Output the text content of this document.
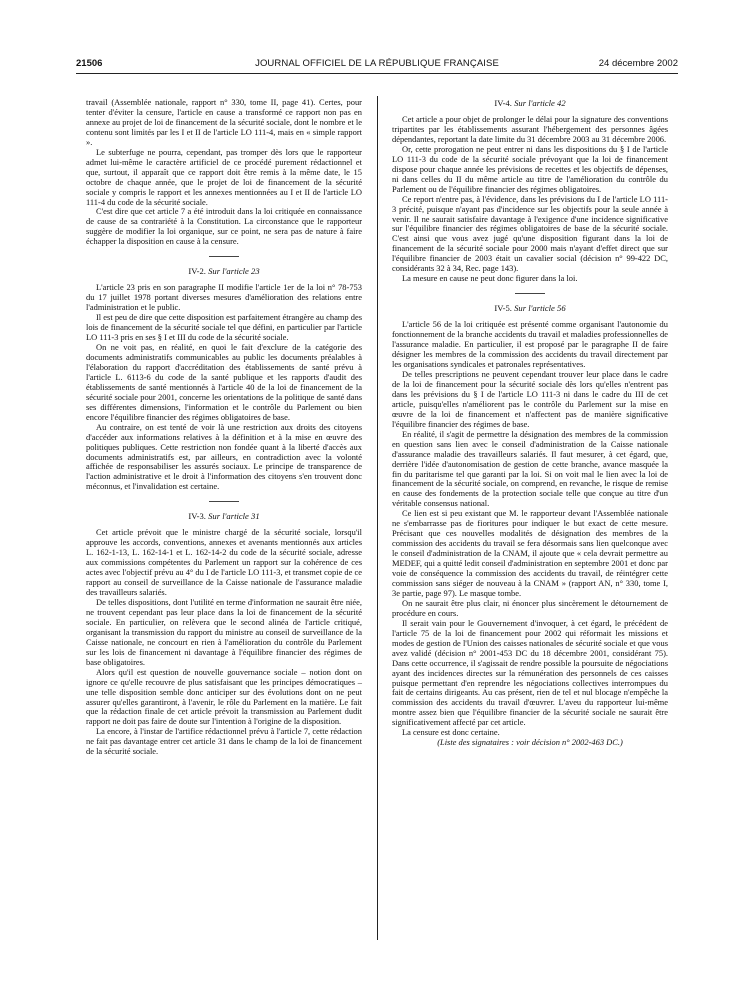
21506	JOURNAL OFFICIEL DE LA RÉPUBLIQUE FRANÇAISE	24 décembre 2002

travail (Assemblée nationale, rapport n° 330, tome II, page 41). Certes, pour tenter d'éviter la censure, l'article en cause a transformé ce rapport non pas en annexe au projet de loi de financement de la sécurité sociale, dont le nombre et le contenu sont limités par les I et II de l'article LO 111-4, mais en « simple rapport ».

Le subterfuge ne pourra, cependant, pas tromper dès lors que le rapporteur admet lui-même le caractère artificiel de ce procédé purement rédactionnel et que, surtout, il apparaît que ce rapport doit être remis à la même date, le 15 octobre de chaque année, que le projet de loi de financement de la sécurité sociale y compris le rapport et les annexes mentionnées au I et II de l'article LO 111-4 du code de la sécurité sociale.

C'est dire que cet article 7 a été introduit dans la loi critiquée en connaissance de cause de sa contrariété à la Constitution. La circonstance que le rapporteur suggère de modifier la loi organique, sur ce point, ne sera pas de nature à faire échapper la disposition en cause à la censure.

IV-2. Sur l'article 23

L'article 23 pris en son paragraphe II modifie l'article 1er de la loi n° 78-753 du 17 juillet 1978 portant diverses mesures d'amélioration des relations entre l'administration et le public.

Il est peu de dire que cette disposition est parfaitement étrangère au champ des lois de financement de la sécurité sociale tel que défini, en particulier par l'article LO 111-3 pris en ses § I et III du code de la sécurité sociale.

On ne voit pas, en réalité, en quoi le fait d'exclure de la catégorie des documents administratifs communicables au public les documents préalables à l'élaboration du rapport d'accréditation des établissements de santé prévu à l'article L. 6113-6 du code de la santé publique et les rapports d'audit des établissements de santé mentionnés à l'article 40 de la loi de financement de la sécurité sociale pour 2001, concerne les orientations de la politique de santé dans ses différentes dimensions, l'information et le contrôle du Parlement ou bien encore l'équilibre financier des régimes obligatoires de base.

Au contraire, on est tenté de voir là une restriction aux droits des citoyens d'accéder aux informations relatives à la définition et à la mise en œuvre des politiques publiques. Cette restriction non fondée quant à la liberté d'accès aux documents administratifs est, par ailleurs, en contradiction avec la volonté affichée de responsabiliser les assurés sociaux. Le principe de transparence de l'action administrative et le droit à l'information des citoyens s'en trouvent donc méconnus, et l'invalidation est certaine.

IV-3. Sur l'article 31

Cet article prévoit que le ministre chargé de la sécurité sociale, lorsqu'il approuve les accords, conventions, annexes et avenants mentionnés aux articles L. 162-1-13, L. 162-14-1 et L. 162-14-2 du code de la sécurité sociale, adresse aux commissions compétentes du Parlement un rapport sur la cohérence de ces actes avec l'objectif prévu au 4° du I de l'article LO 111-3, et transmet copie de ce rapport au conseil de surveillance de la Caisse nationale de l'assurance maladie des travailleurs salariés.

De telles dispositions, dont l'utilité en terme d'information ne saurait être niée, ne trouvent cependant pas leur place dans la loi de financement de la sécurité sociale. En particulier, on relèvera que le second alinéa de l'article critiqué, organisant la transmission du rapport du ministre au conseil de surveillance de la Caisse nationale, ne concourt en rien à l'amélioration du contrôle du Parlement sur les lois de financement ni davantage à l'équilibre financier des régimes de base obligatoires.

Alors qu'il est question de nouvelle gouvernance sociale – notion dont on ignore ce qu'elle recouvre de plus satisfaisant que les principes démocratiques – une telle disposition semble donc anticiper sur des évolutions dont on ne peut assurer qu'elles garantiront, à l'avenir, le rôle du Parlement en la matière. Le fait que la rédaction finale de cet article prévoit la transmission au Parlement dudit rapport ne doit pas faire de doute sur l'intention à l'origine de la disposition.

La encore, à l'instar de l'artifice rédactionnel prévu à l'article 7, cette rédaction ne fait pas davantage entrer cet article 31 dans le champ de la loi de financement de la sécurité sociale.

IV-4. Sur l'article 42

Cet article a pour objet de prolonger le délai pour la signature des conventions tripartites par les établissements assurant l'hébergement des personnes âgées dépendantes, reportant la date limite du 31 décembre 2003 au 31 décembre 2006.

Or, cette prorogation ne peut entrer ni dans les dispositions du § I de l'article LO 111-3 du code de la sécurité sociale prévoyant que la loi de financement dispose pour chaque année les prévisions de recettes et les objectifs de dépenses, ni dans celles du II du même article au titre de l'amélioration du contrôle du Parlement ou de l'équilibre financier des régimes obligatoires.

Ce report n'entre pas, à l'évidence, dans les prévisions du I de l'article LO 111-3 précité, puisque n'ayant pas d'incidence sur les objectifs pour la seule année à venir. Il ne saurait satisfaire davantage à l'exigence d'une incidence significative sur l'équilibre financier des régimes obligatoires de base de la sécurité sociale. C'est ainsi que vous avez jugé qu'une disposition figurant dans la loi de financement de la sécurité sociale pour 2000 mais n'ayant d'effet direct que sur l'équilibre financier de 2003 était un cavalier social (décision n° 99-422 DC, considérants 32 à 34, Rec. page 143).

La mesure en cause ne peut donc figurer dans la loi.

IV-5. Sur l'article 56

L'article 56 de la loi critiquée est présenté comme organisant l'autonomie du fonctionnement de la branche accidents du travail et maladies professionnelles de l'assurance maladie. En particulier, il est proposé par le paragraphe II de faire désigner les membres de la commission des accidents du travail directement par les organisations syndicales et patronales représentatives.

De telles prescriptions ne peuvent cependant trouver leur place dans le cadre de la loi de financement pour la sécurité sociale dès lors qu'elles n'entrent pas dans les prévisions du § I de l'article LO 111-3 ni dans le cadre du III de cet article, puisqu'elles n'améliorent pas le contrôle du Parlement sur la mise en œuvre de la loi de financement et n'affectent pas de manière significative l'équilibre financier des régimes de base.

En réalité, il s'agit de permettre la désignation des membres de la commission en question sans lien avec le conseil d'administration de la Caisse nationale d'assurance maladie des travailleurs salariés. Il faut mesurer, à cet égard, que, derrière l'idée d'autonomisation de gestion de cette branche, avance masquée la fin du paritarisme tel que garanti par la loi. Si on voit mal le lien avec la loi de financement de la sécurité sociale, on comprend, en revanche, le risque de remise en cause des fondements de la protection sociale telle que conçue au titre d'un véritable consensus national.

Ce lien est si peu existant que M. le rapporteur devant l'Assemblée nationale ne s'embarrasse pas de fioritures pour indiquer le but exact de cette mesure. Précisant que ces nouvelles modalités de désignation des membres de la commission des accidents du travail se fera désormais sans lien quelconque avec le conseil d'administration de la CNAM, il ajoute que « cela devrait permettre au MEDEF, qui a quitté ledit conseil d'administration en septembre 2001 et donc par voie de conséquence la commission des accidents du travail, de réintégrer cette commission sans siéger de nouveau à la CNAM » (rapport AN, n° 330, tome I, 3e partie, page 97). Le masque tombe.

On ne saurait être plus clair, ni énoncer plus sincèrement le détournement de procédure en cours.

Il serait vain pour le Gouvernement d'invoquer, à cet égard, le précédent de l'article 75 de la loi de financement pour 2002 qui réformait les missions et modes de gestion de l'Union des caisses nationales de sécurité sociale et que vous avez validé (décision n° 2001-453 DC du 18 décembre 2001, considérant 75). Dans cette occurrence, il s'agissait de rendre possible la poursuite de négociations ayant des incidences directes sur la rémunération des personnels de ces caisses puisque permettant d'en reprendre les négociations collectives interrompues du fait de certains dirigeants. Au cas présent, rien de tel et nul blocage n'empêche la commission des accidents du travail d'œuvrer. L'aveu du rapporteur lui-même montre assez bien que l'équilibre financier de la sécurité sociale ne saurait être significativement affecté par cet article.

La censure est donc certaine.

(Liste des signataires : voir décision n° 2002-463 DC.)
